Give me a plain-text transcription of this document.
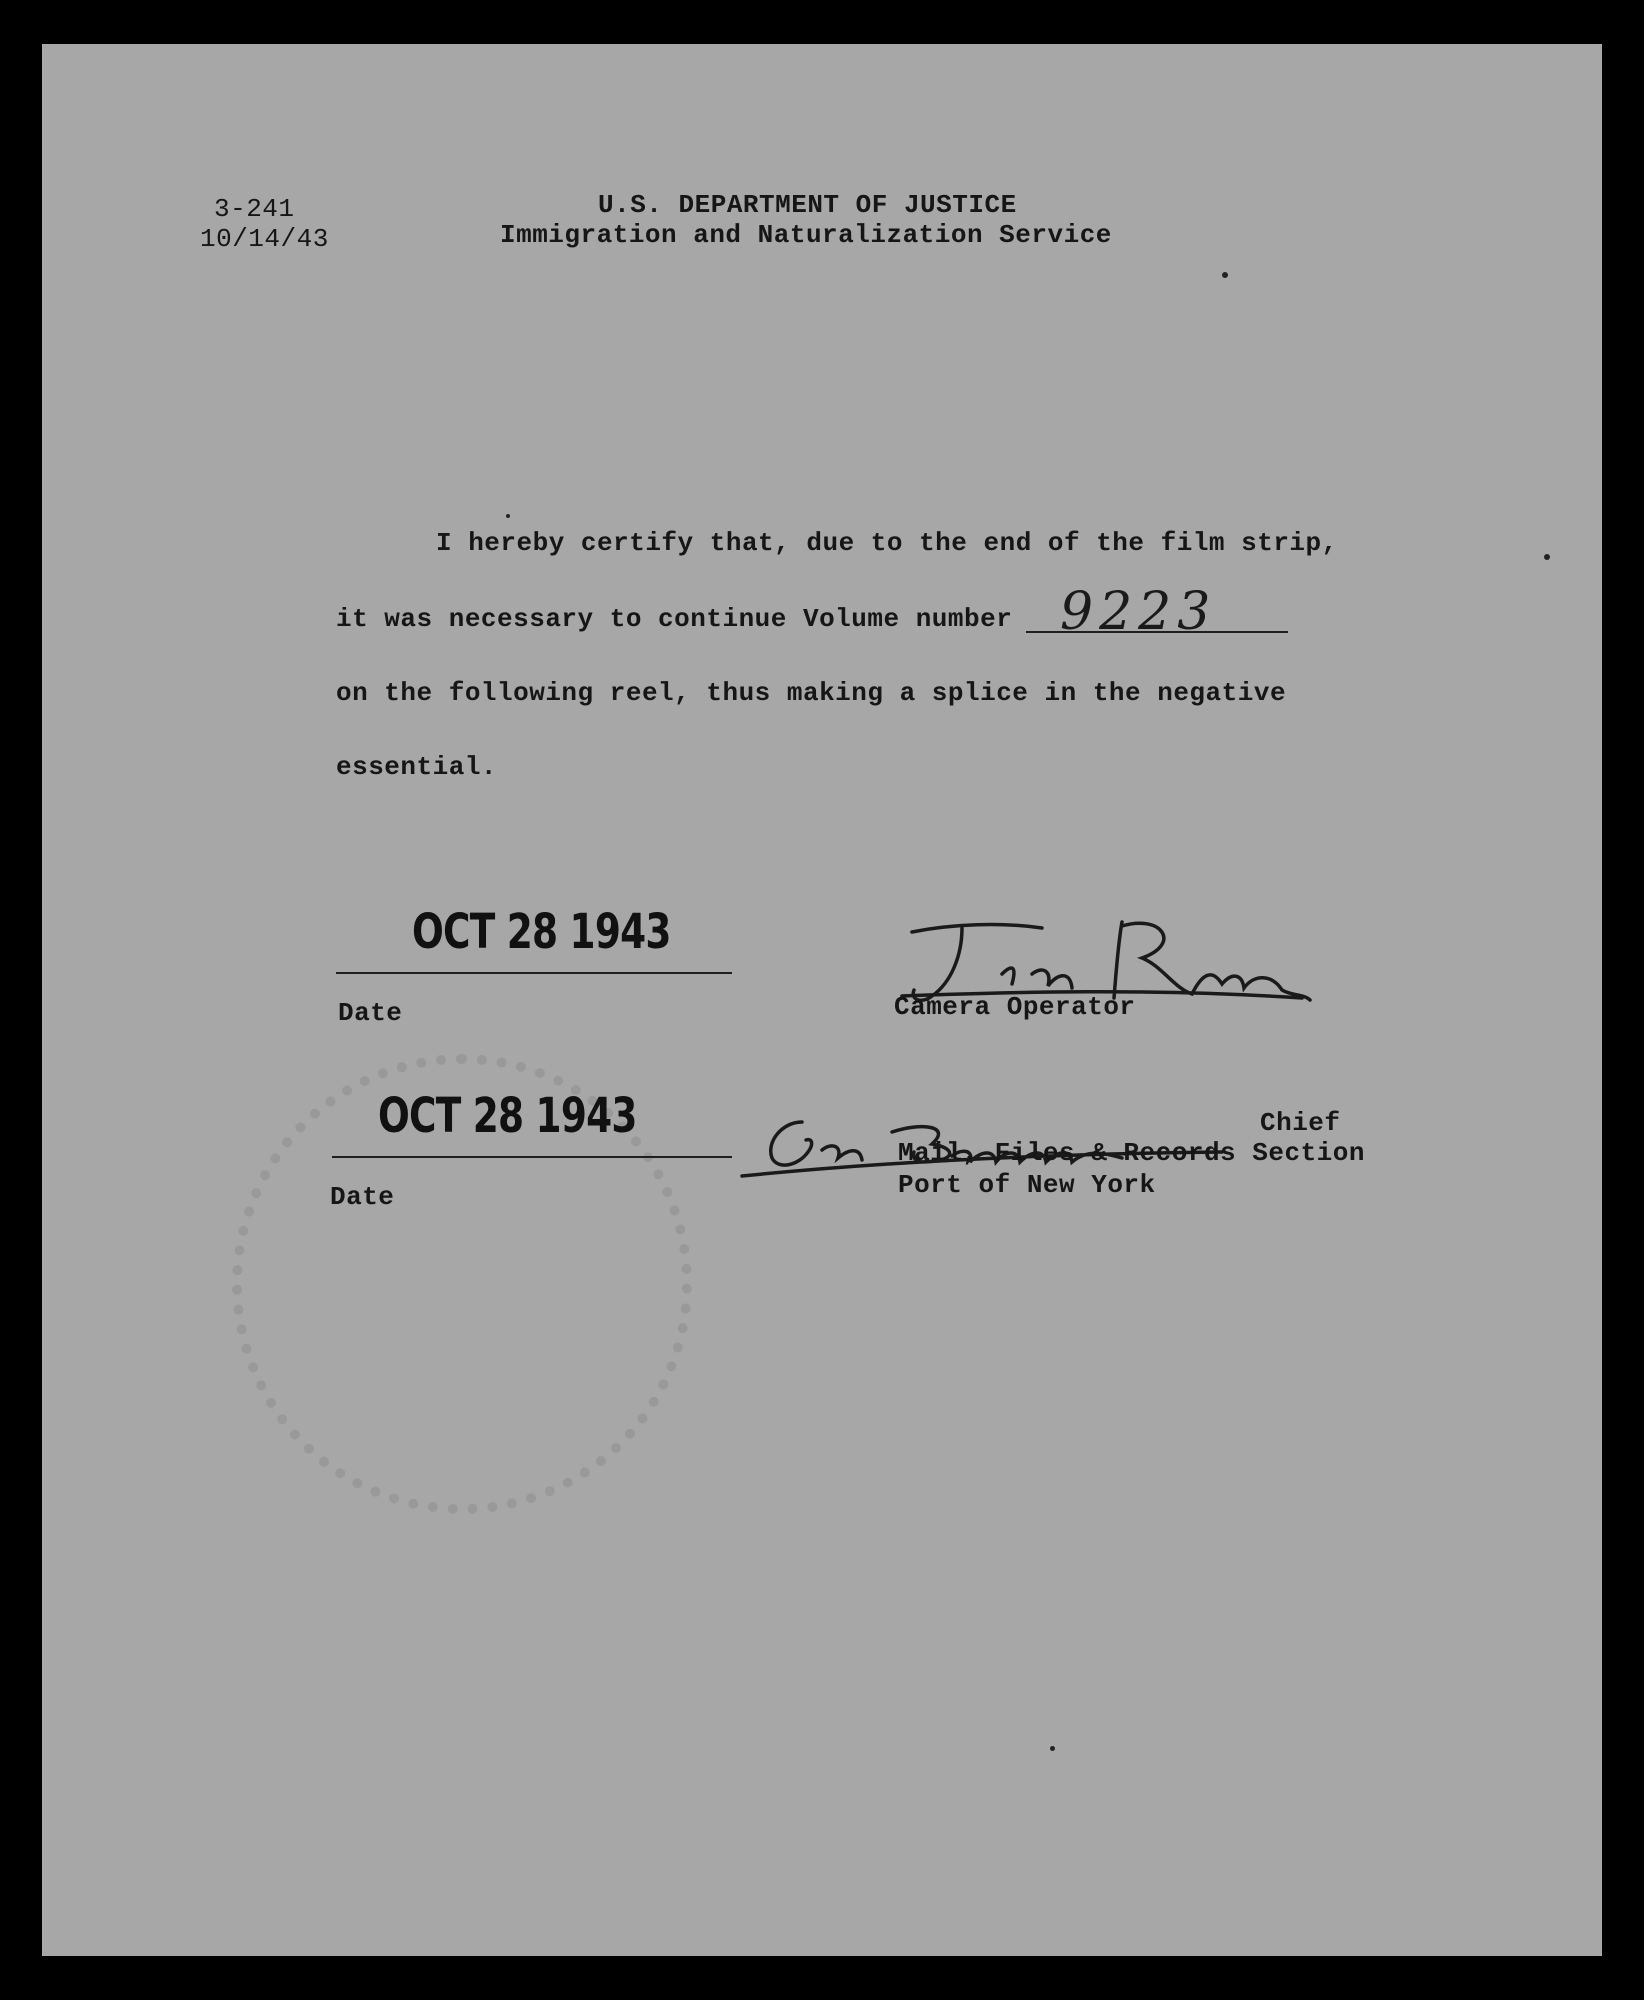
3-241
10/14/43
U.S. DEPARTMENT OF JUSTICE
Immigration and Naturalization Service
I hereby certify that, due to the end of the film strip,
it was necessary to continue Volume number 9223
on the following reel, thus making a splice in the negative
essential.
OCT 28 1943
Date	Camera Operator
OCT 28 1943
Date
Chief
Mail, Files & Records Section
Port of New York
